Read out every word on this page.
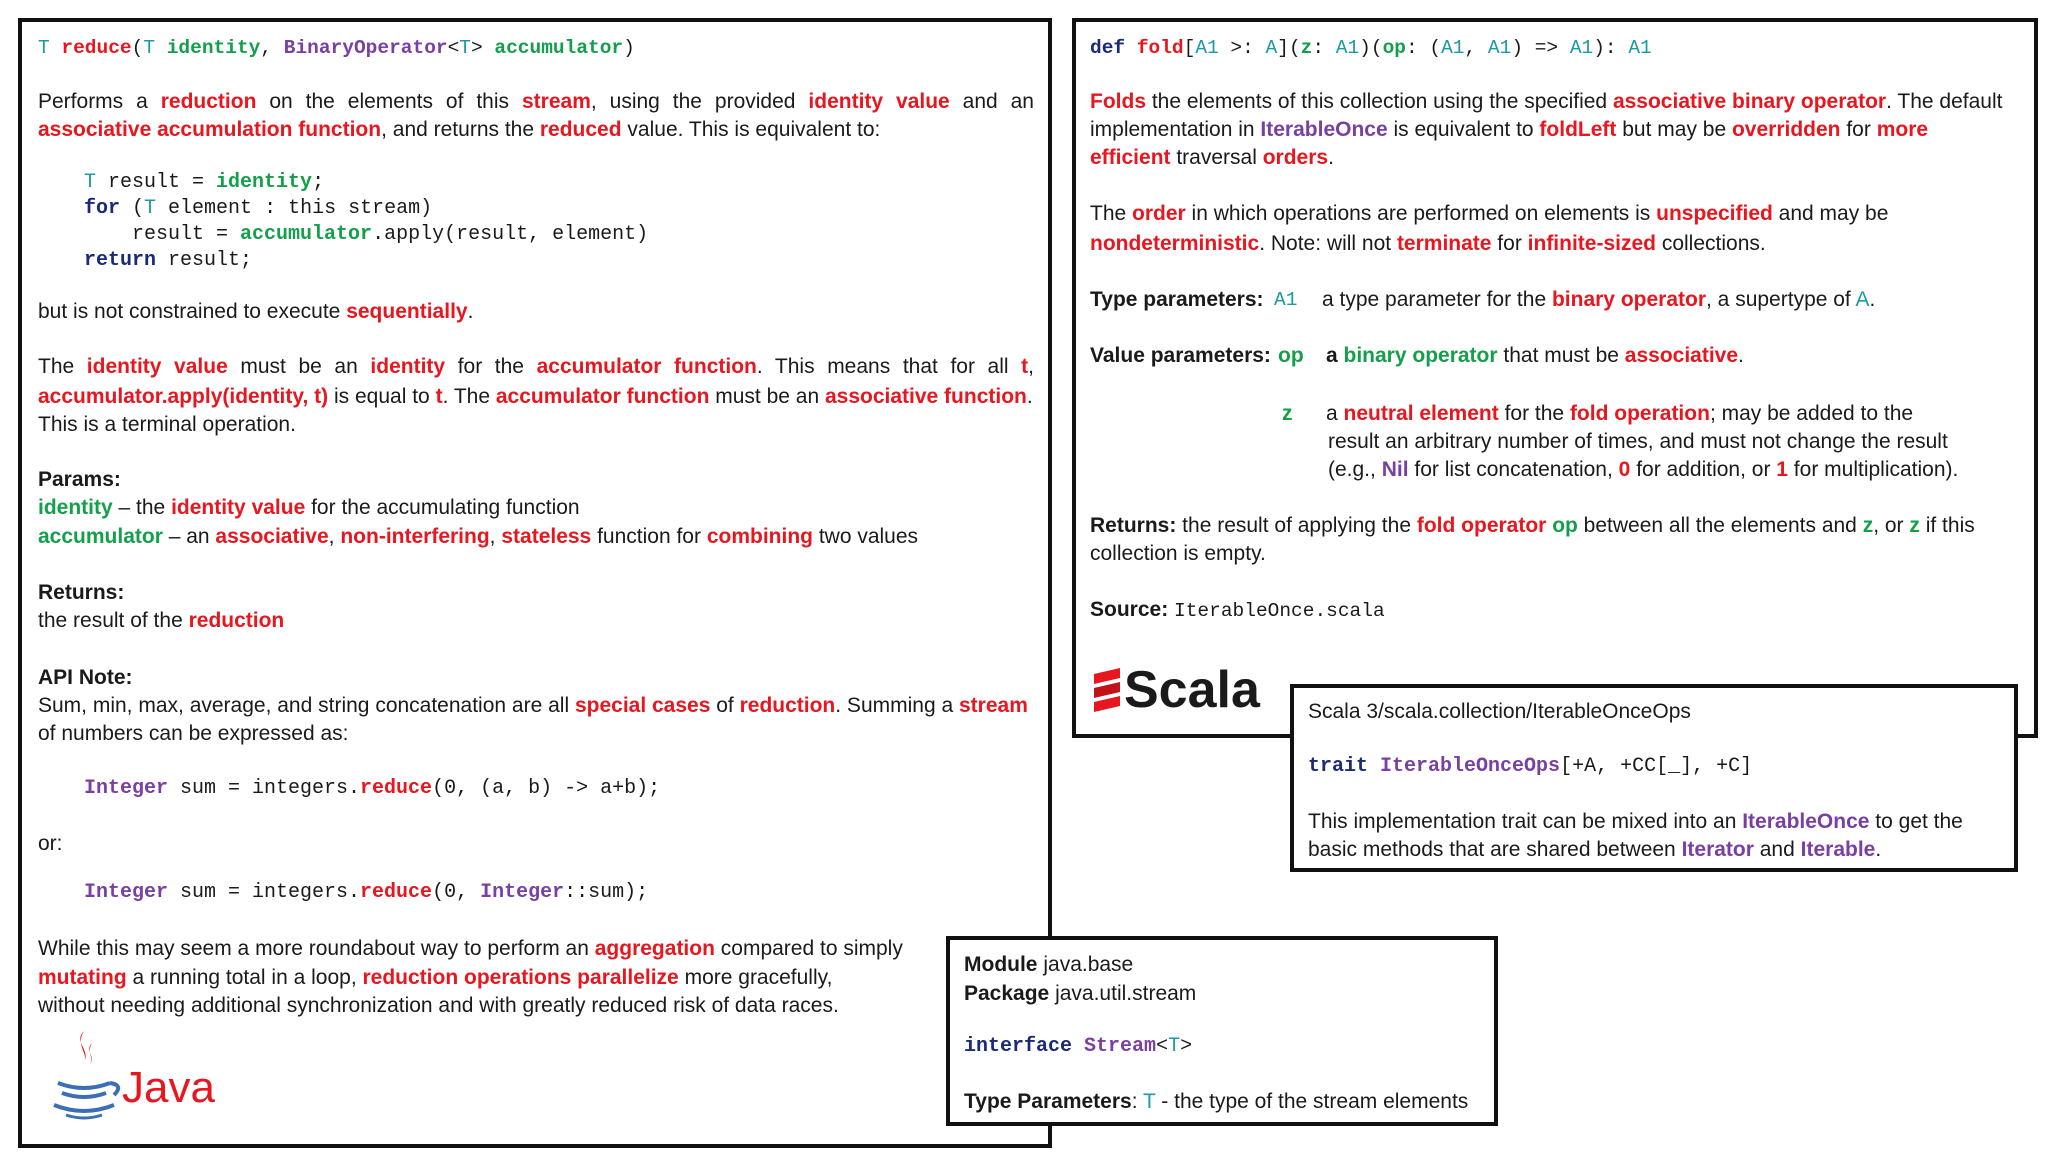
T reduce(T identity, BinaryOperator<T> accumulator)
Performs a reduction on the elements of this stream, using the provided identity value and an
associative accumulation function, and returns the reduced value. This is equivalent to:
T result = identity;
for (T element : this stream)
result = accumulator.apply(result, element)
return result;
but is not constrained to execute sequentially.
The identity value must be an identity for the accumulator function. This means that for all t,
accumulator.apply(identity, t) is equal to t. The accumulator function must be an associative function.
This is a terminal operation.
Params:
identity – the identity value for the accumulating function
accumulator – an associative, non-interfering, stateless function for combining two values
Returns:
the result of the reduction
API Note:
Sum, min, max, average, and string concatenation are all special cases of reduction. Summing a stream
of numbers can be expressed as:
Integer sum = integers.reduce(0, (a, b) -> a+b);
or:
Integer sum = integers.reduce(0, Integer::sum);
While this may seem a more roundabout way to perform an aggregation compared to simply
mutating a running total in a loop, reduction operations parallelize more gracefully,
without needing additional synchronization and with greatly reduced risk of data races.
Java
Module java.base
Package java.util.stream
interface Stream<T>
Type Parameters: T - the type of the stream elements
def fold[A1 >: A](z: A1)(op: (A1, A1) => A1): A1
Folds the elements of this collection using the specified associative binary operator. The default
implementation in IterableOnce is equivalent to foldLeft but may be overridden for more
efficient traversal orders.
The order in which operations are performed on elements is unspecified and may be
nondeterministic. Note: will not terminate for infinite-sized collections.
Type parameters: A1 a type parameter for the binary operator, a supertype of A.
Value parameters: op a binary operator that must be associative.
z a neutral element for the fold operation; may be added to the
result an arbitrary number of times, and must not change the result
(e.g., Nil for list concatenation, 0 for addition, or 1 for multiplication).
Returns: the result of applying the fold operator op between all the elements and z, or z if this
collection is empty.
Source: IterableOnce.scala
Scala Scala 3/scala.collection/IterableOnceOps
trait IterableOnceOps[+A, +CC[_], +C]
This implementation trait can be mixed into an IterableOnce to get the
basic methods that are shared between Iterator and Iterable.
